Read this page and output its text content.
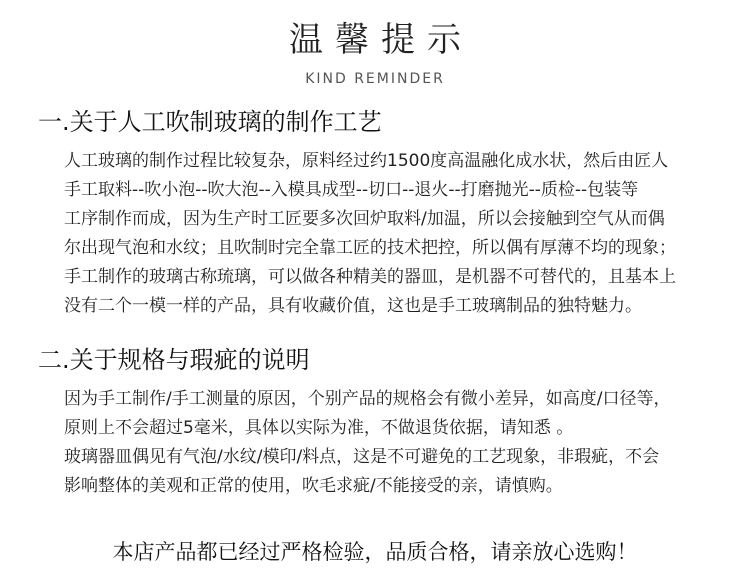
温馨提示
KIND REMINDER
一.关于人工吹制玻璃的制作工艺
人工玻璃的制作过程比较复杂，原料经过约1500度高温融化成水状，然后由匠人
手工取料--吹小泡--吹大泡--入模具成型--切口--退火--打磨抛光--质检--包装等
工序制作而成，因为生产时工匠要多次回炉取料/加温，所以会接触到空气从而偶
尔出现气泡和水纹；且吹制时完全靠工匠的技术把控，所以偶有厚薄不均的现象；
手工制作的玻璃古称琉璃，可以做各种精美的器皿，是机器不可替代的，且基本上
没有二个一模一样的产品，具有收藏价值，这也是手工玻璃制品的独特魅力。
二.关于规格与瑕疵的说明
因为手工制作/手工测量的原因，个别产品的规格会有微小差异，如高度/口径等，
原则上不会超过5毫米，具体以实际为准，不做退货依据，请知悉 。
玻璃器皿偶见有气泡/水纹/模印/料点，这是不可避免的工艺现象，非瑕疵，不会
影响整体的美观和正常的使用，吹毛求疵/不能接受的亲，请慎购。
本店产品都已经过严格检验，品质合格，请亲放心选购！
